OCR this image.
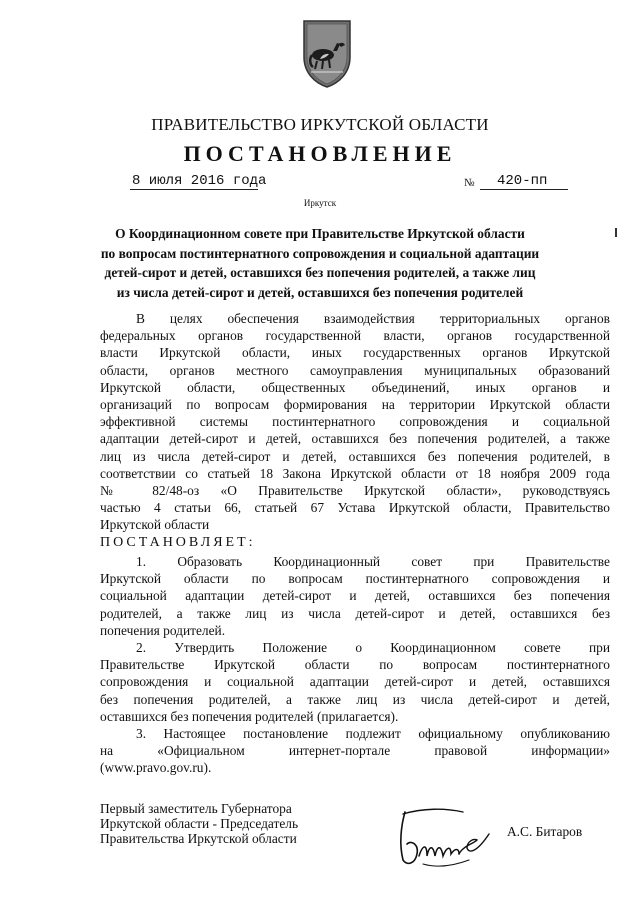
ПРАВИТЕЛЬСТВО ИРКУТСКОЙ ОБЛАСТИ
ПОСТАНОВЛЕНИЕ
8 июля 2016 года	№ 420-пп
Иркутск
О Координационном совете при Правительстве Иркутской области
по вопросам постинтернатного сопровождения и социальной адаптации
детей-сирот и детей, оставшихся без попечения родителей, а также лиц
из числа детей-сирот и детей, оставшихся без попечения родителей
В целях обеспечения взаимодействия территориальных органов
федеральных органов государственной власти, органов государственной
власти Иркутской области, иных государственных органов Иркутской
области, органов местного самоуправления муниципальных образований
Иркутской области, общественных объединений, иных органов и
организаций по вопросам формирования на территории Иркутской области
эффективной системы постинтернатного сопровождения и социальной
адаптации детей-сирот и детей, оставшихся без попечения родителей, а также
лиц из числа детей-сирот и детей, оставшихся без попечения родителей, в
соответствии со статьей 18 Закона Иркутской области от 18 ноября 2009 года
№ 82/48-оз «О Правительстве Иркутской области», руководствуясь
частью 4 статьи 66, статьей 67 Устава Иркутской области, Правительство
Иркутской области
ПОСТАНОВЛЯЕТ:
1. Образовать Координационный совет при Правительстве
Иркутской области по вопросам постинтернатного сопровождения и
социальной адаптации детей-сирот и детей, оставшихся без попечения
родителей, а также лиц из числа детей-сирот и детей, оставшихся без
попечения родителей.
2. Утвердить Положение о Координационном совете при
Правительстве Иркутской области по вопросам постинтернатного
сопровождения и социальной адаптации детей-сирот и детей, оставшихся
без попечения родителей, а также лиц из числа детей-сирот и детей,
оставшихся без попечения родителей (прилагается).
3. Настоящее постановление подлежит официальному опубликованию
на «Официальном интернет-портале правовой информации»
(www.pravo.gov.ru).
Первый заместитель Губернатора
Иркутской области - Председатель
Правительства Иркутской области	А.С. Битаров
